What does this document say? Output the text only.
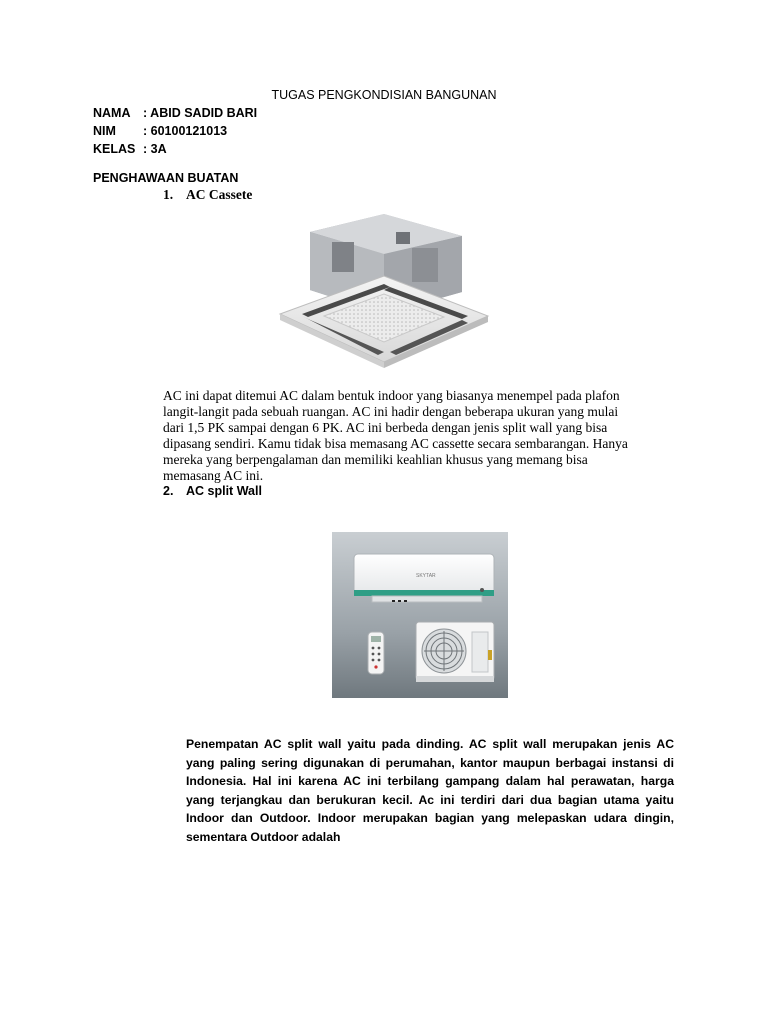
TUGAS PENGKONDISIAN BANGUNAN
NAMA : ABID SADID BARI
NIM : 60100121013
KELAS : 3A
PENGHAWAAN BUATAN
1. AC Cassete
AC ini dapat ditemui AC dalam bentuk indoor yang biasanya menempel pada plafon langit-langit pada sebuah ruangan. AC ini hadir dengan beberapa ukuran yang mulai dari 1,5 PK sampai dengan 6 PK. AC ini berbeda dengan jenis split wall yang bisa dipasang sendiri. Kamu tidak bisa memasang AC cassette secara sembarangan. Hanya mereka yang berpengalaman dan memiliki keahlian khusus yang memang bisa memasang AC ini.
2. AC split Wall
SKYTAR
Penempatan AC split wall yaitu pada dinding. AC split wall merupakan jenis AC yang paling sering digunakan di perumahan, kantor maupun berbagai instansi di Indonesia. Hal ini karena AC ini terbilang gampang dalam hal perawatan, harga yang terjangkau dan berukuran kecil. Ac ini terdiri dari dua bagian utama yaitu Indoor dan Outdoor. Indoor merupakan bagian yang melepaskan udara dingin, sementara Outdoor adalah
